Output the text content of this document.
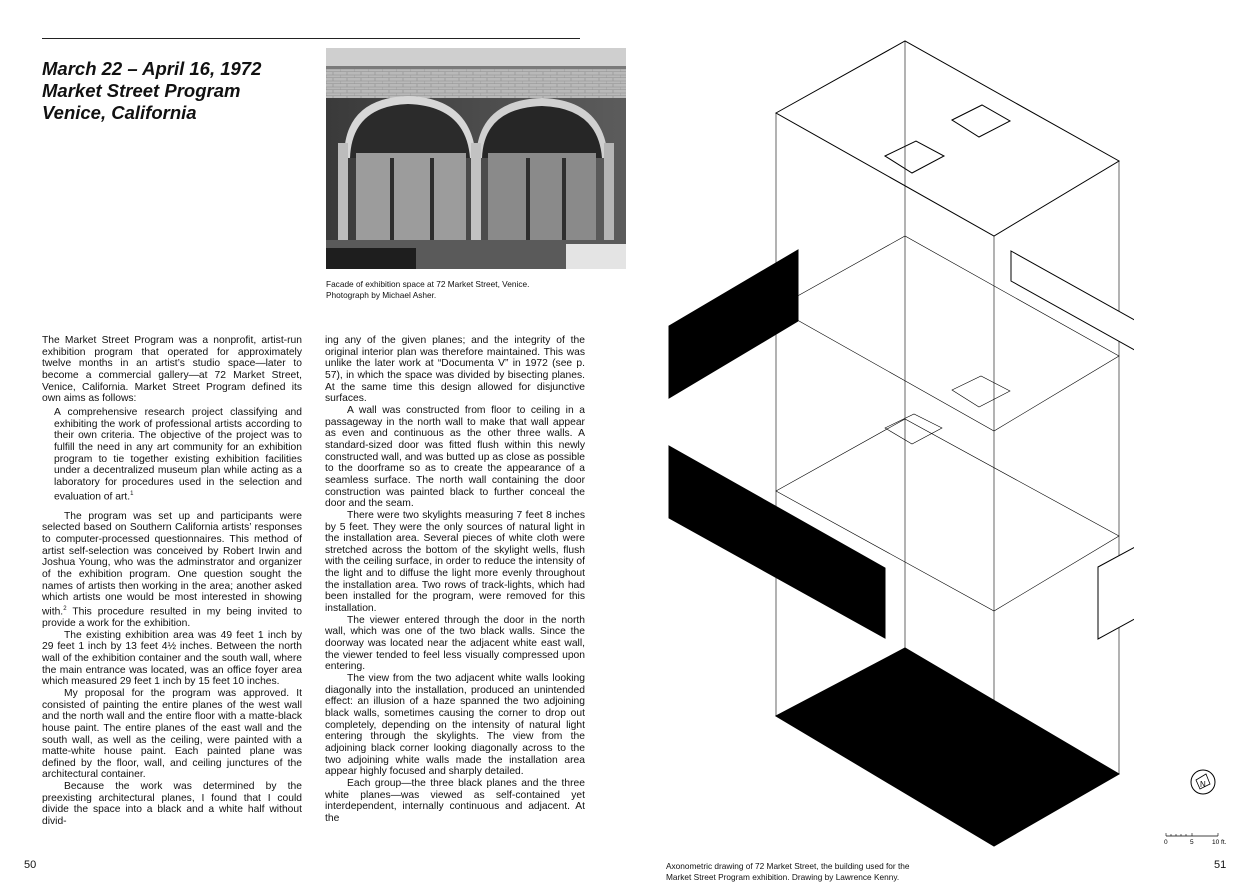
March 22 – April 16, 1972
Market Street Program
Venice, California
Facade of exhibition space at 72 Market Street, Venice.
Photograph by Michael Asher.

The Market Street Program was a nonprofit, artist-run exhibition program that operated for approximately twelve months in an artist’s studio space—later to become a commercial gallery—at 72 Market Street, Venice, California. Market Street Program defined its own aims as follows:

A comprehensive research project classifying and exhibiting the work of professional artists according to their own criteria. The objective of the project was to fulfill the need in any art community for an exhibition program to tie together existing exhibition facilities under a decentralized museum plan while acting as a laboratory for procedures used in the selection and evaluation of art.$^1$

The program was set up and participants were selected based on Southern California artists’ responses to computer-processed questionnaires. This method of artist self-selection was conceived by Robert Irwin and Joshua Young, who was the adminstrator and organizer of the exhibition program. One question sought the names of artists then working in the area; another asked which artists one would be most interested in showing with.$^2$ This procedure resulted in my being invited to provide a work for the exhibition.

The existing exhibition area was 49 feet 1 inch by 29 feet 1 inch by 13 feet 4½ inches. Between the north wall of the exhibition container and the south wall, where the main entrance was located, was an office foyer area which measured 29 feet 1 inch by 15 feet 10 inches.

My proposal for the program was approved. It consisted of painting the entire planes of the west wall and the north wall and the entire floor with a matte-black house paint. The entire planes of the east wall and the south wall, as well as the ceiling, were painted with a matte-white house paint. Each painted plane was defined by the floor, wall, and ceiling junctures of the architectural container.

Because the work was determined by the preexisting architectural planes, I found that I could divide the space into a black and a white half without divid-

ing any of the given planes; and the integrity of the original interior plan was therefore maintained. This was unlike the later work at “Documenta V” in 1972 (see p. 57), in which the space was divided by bisecting planes. At the same time this design allowed for disjunctive surfaces.

A wall was constructed from floor to ceiling in a passageway in the north wall to make that wall appear as even and continuous as the other three walls. A standard-sized door was fitted flush within this newly constructed wall, and was butted up as close as possible to the doorframe so as to create the appearance of a seamless surface. The north wall containing the door construction was painted black to further conceal the door and the seam.

There were two skylights measuring 7 feet 8 inches by 5 feet. They were the only sources of natural light in the installation area. Several pieces of white cloth were stretched across the bottom of the skylight wells, flush with the ceiling surface, in order to reduce the intensity of the light and to diffuse the light more evenly throughout the installation area. Two rows of track-lights, which had been installed for the program, were removed for this installation.

The viewer entered through the door in the north wall, which was one of the two black walls. Since the doorway was located near the adjacent white east wall, the viewer tended to feel less visually compressed upon entering.

The view from the two adjacent white walls looking diagonally into the installation, produced an unintended effect: an illusion of a haze spanned the two adjoining black walls, sometimes causing the corner to drop out completely, depending on the intensity of natural light entering through the skylights. The view from the adjoining black corner looking diagonally across to the two adjoining white walls made the installation area appear highly focused and sharply detailed.

Each group—the three black planes and the three white planes—was viewed as self-contained yet interdependent, internally continuous and adjacent. At the

50
N
0	5	10 ft.
Axonometric drawing of 72 Market Street, the building used for the
Market Street Program exhibition. Drawing by Lawrence Kenny.
51
